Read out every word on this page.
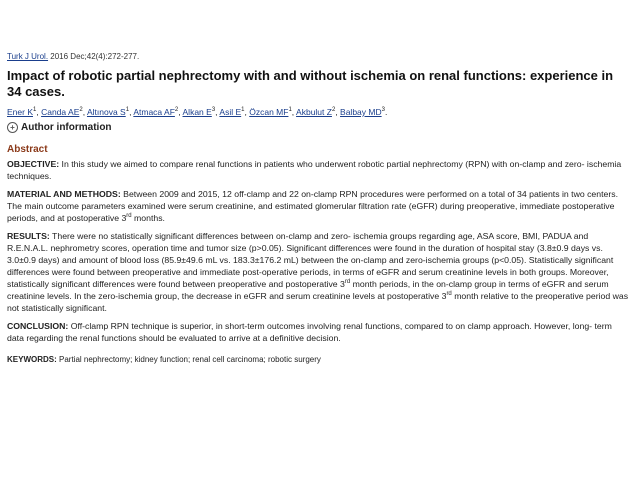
Turk J Urol. 2016 Dec;42(4):272-277.
Impact of robotic partial nephrectomy with and without ischemia on renal functions: experience in 34 cases.
Ener $K^1$, Canda $AE^2$, Altınova $S^1$, Atmaca $AF^2$, Alkan $E^3$, Asil $E^1$, Özcan $MF^1$, Akbulut $Z^2$, Balbay $MD^3$.
+ Author information
Abstract

OBJECTIVE: In this study we aimed to compare renal functions in patients who underwent robotic partial nephrectomy (RPN) with on-clamp and zero- ischemia techniques.

MATERIAL AND METHODS: Between 2009 and 2015, 12 off-clamp and 22 on-clamp RPN procedures were performed on a total of 34 patients in two centers. The main outcome parameters examined were serum creatinine, and estimated glomerular filtration rate (eGFR) during preoperative, immediate postoperative periods, and at postoperative 3rd months.

RESULTS: There were no statistically significant differences between on-clamp and zero- ischemia groups regarding age, ASA score, BMI, PADUA and R.E.N.A.L. nephrometry scores, operation time and tumor size (p>0.05). Significant differences were found in the duration of hospital stay (3.8±0.9 days vs. 3.0±0.9 days) and amount of blood loss (85.9±49.6 mL vs. 183.3±176.2 mL) between the on-clamp and zero-ischemia groups (p<0.05). Statistically significant differences were found between preoperative and immediate post-operative periods, in terms of eGFR and serum creatinine levels in both groups. Moreover, statistically significant differences were found between preoperative and postoperative 3rd month periods, in the on-clamp group in terms of eGFR and serum creatinine levels. In the zero-ischemia group, the decrease in eGFR and serum creatinine levels at postoperative 3rd month relative to the preoperative period was not statistically significant.

CONCLUSION: Off-clamp RPN technique is superior, in short-term outcomes involving renal functions, compared to on clamp approach. However, long- term data regarding the renal functions should be evaluated to arrive at a definitive decision.

KEYWORDS: Partial nephrectomy; kidney function; renal cell carcinoma; robotic surgery
